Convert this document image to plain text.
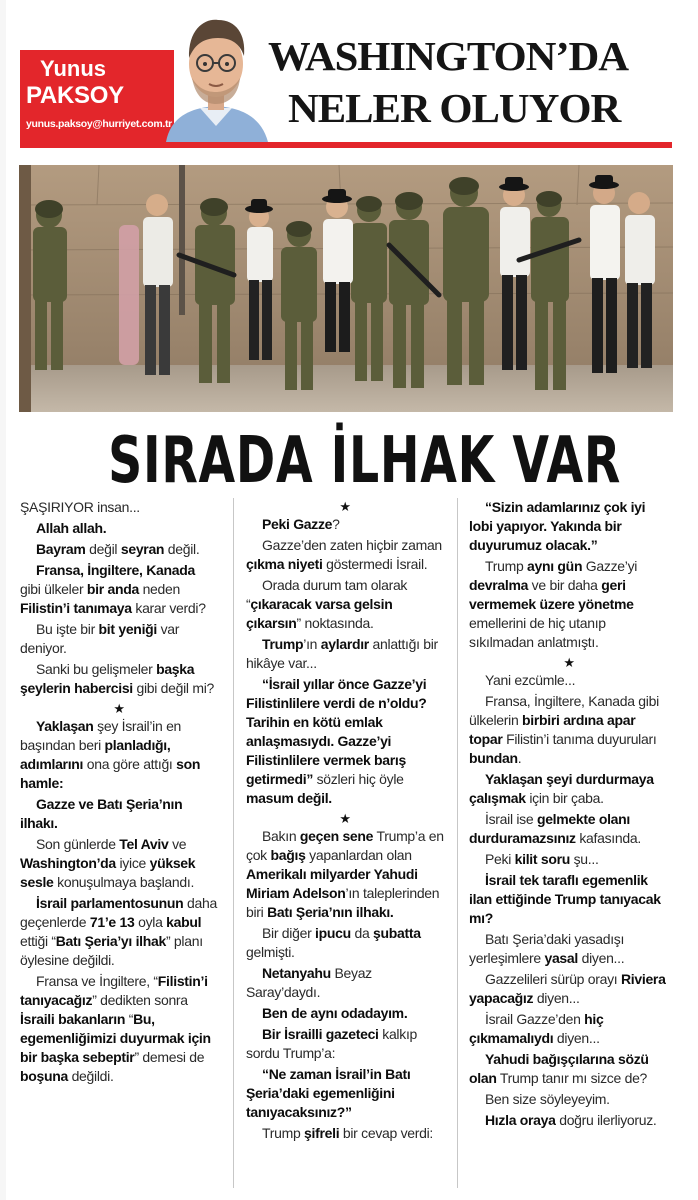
Yunus
PAKSOY
yunus.paksoy@hurriyet.com.tr
WASHINGTON’DA
NELER OLUYOR
SIRADA İLHAK VAR

ŞAŞIRIYOR insan...

Allah allah.

Bayram değil seyran değil.

Fransa, İngiltere, Kanada gibi ülkeler bir anda neden Filistin’i tanımaya karar verdi?

Bu işte bir bit yeniği var deniyor.

Sanki bu gelişmeler başka şeylerin habercisi gibi değil mi?

★

Yaklaşan şey İsrail’in en başından beri planladığı, adımlarını ona göre attığı son hamle:

Gazze ve Batı Şeria’nın ilhakı.

Son günlerde Tel Aviv ve Washington’da iyice yüksek sesle konuşulmaya başlandı.

İsrail parlamentosunun daha geçenlerde 71’e 13 oyla kabul ettiği “Batı Şeria’yı ilhak” planı öylesine değildi.

Fransa ve İngiltere, “Filistin’i tanıyacağız” dedikten sonra İsraili bakanların “Bu, egemenliğimizi duyurmak için bir başka sebeptir” demesi de boşuna değildi.

★

Peki Gazze?

Gazze’den zaten hiçbir zaman çıkma niyeti göstermedi İsrail.

Orada durum tam olarak “çıkaracak varsa gelsin çıkarsın” noktasında.

Trump’ın aylardır anlattığı bir hikâye var...

“İsrail yıllar önce Gazze’yi Filistinlilere verdi de n’oldu? Tarihin en kötü emlak anlaşmasıydı. Gazze’yi Filistinlilere vermek barış getirmedi” sözleri hiç öyle masum değil.

★

Bakın geçen sene Trump’a en çok bağış yapanlardan olan Amerikalı milyarder Yahudi Miriam Adelson’ın taleplerinden biri Batı Şeria’nın ilhakı.

Bir diğer ipucu da şubatta gelmişti.

Netanyahu Beyaz Saray’daydı.

Ben de aynı odadayım.

Bir İsrailli gazeteci kalkıp sordu Trump’a:

“Ne zaman İsrail’in Batı Şeria’daki egemenliğini tanıyacaksınız?”

Trump şifreli bir cevap verdi:

“Sizin adamlarınız çok iyi lobi yapıyor. Yakında bir duyurumuz olacak.”

Trump aynı gün Gazze’yi devralma ve bir daha geri vermemek üzere yönetme emellerini de hiç utanıp sıkılmadan anlatmıştı.

★

Yani ezcümle...

Fransa, İngiltere, Kanada gibi ülkelerin birbiri ardına apar topar Filistin’i tanıma duyuruları bundan.

Yaklaşan şeyi durdurmaya çalışmak için bir çaba.

İsrail ise gelmekte olanı durduramazsınız kafasında.

Peki kilit soru şu...

İsrail tek taraflı egemenlik ilan ettiğinde Trump tanıyacak mı?

Batı Şeria’daki yasadışı yerleşimlere yasal diyen...

Gazzelileri sürüp orayı Riviera yapacağız diyen...

İsrail Gazze’den hiç çıkmamalıydı diyen...

Yahudi bağışçılarına sözü olan Trump tanır mı sizce de?

Ben size söyleyeyim.

Hızla oraya doğru ilerliyoruz.
